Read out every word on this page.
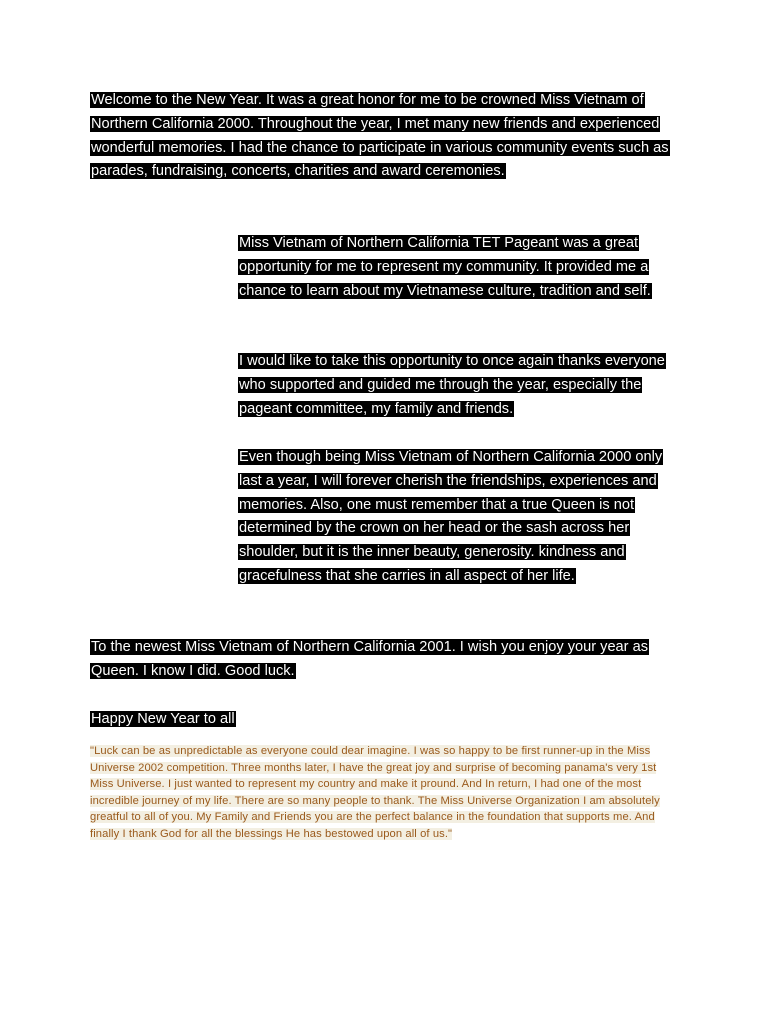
Welcome to the New Year. It was a great honor for me to be crowned Miss Vietnam of Northern California 2000. Throughout the year, I met many new friends and experienced wonderful memories. I had the chance to participate in various community events such as parades, fundraising, concerts, charities and award ceremonies.

Miss Vietnam of Northern California TET Pageant was a great opportunity for me to represent my community. It provided me a chance to learn about my Vietnamese culture, tradition and self.

I would like to take this opportunity to once again thanks everyone who supported and guided me through the year, especially the pageant committee, my family and friends.

Even though being Miss Vietnam of Northern California 2000 only last a year, I will forever cherish the friendships, experiences and memories. Also, one must remember that a true Queen is not determined by the crown on her head or the sash across her shoulder, but it is the inner beauty, generosity. kindness and gracefulness that she carries in all aspect of her life.

To the newest Miss Vietnam of Northern California 2001. I wish you enjoy your year as Queen. I know I did. Good luck.

Happy New Year to all

"Luck can be as unpredictable as everyone could dear imagine. I was so happy to be first runner-up in the Miss Universe 2002 competition. Three months later, I have the great joy and surprise of becoming panama's very 1st Miss Universe. I just wanted to represent my country and make it pround. And In return, I had one of the most incredible journey of my life. There are so many people to thank. The Miss Universe Organization I am absolutely greatful to all of you. My Family and Friends you are the perfect balance in the foundation that supports me. And finally I thank God for all the blessings He has bestowed upon all of us."
